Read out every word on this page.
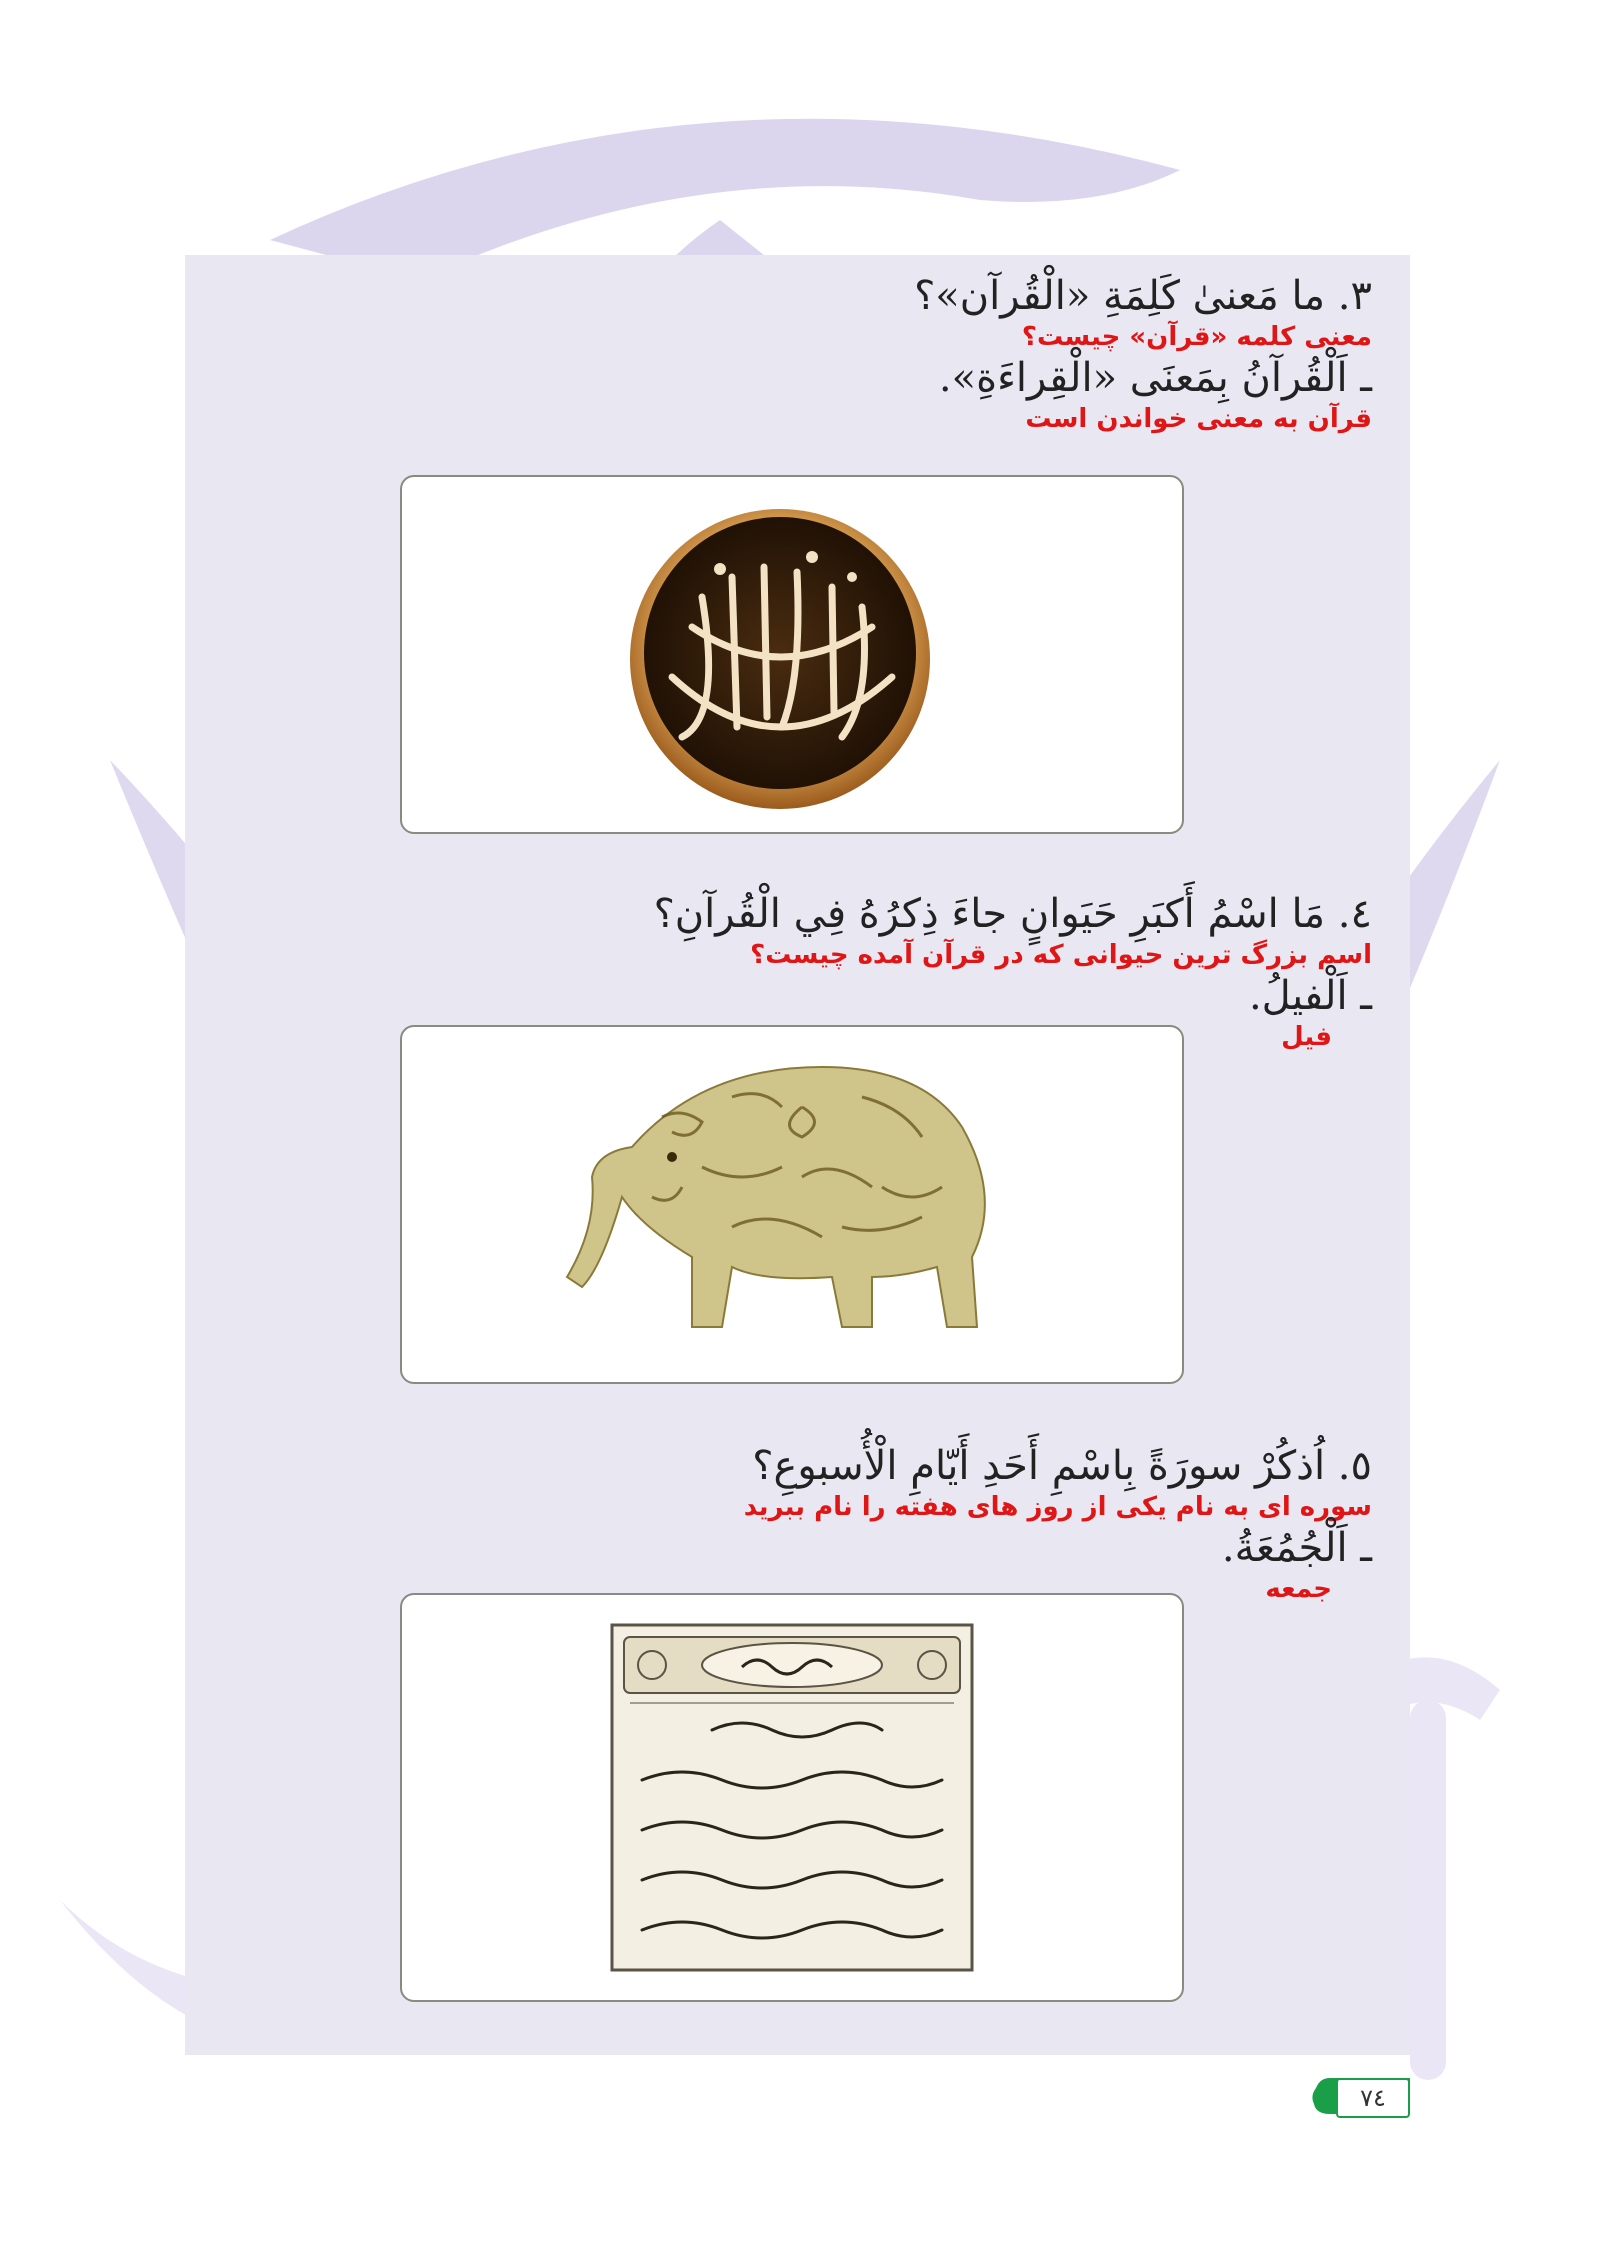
٣. ما مَعنیٰ كَلِمَةِ «الْقُرآن»؟
معنی کلمه «قرآن» چیست؟
ـ اَلْقُرآنُ بِمَعنَى «الْقِراءَةِ».
قرآن به معنی خواندن است
٤. مَا اسْمُ أَكبَرِ حَيَوانٍ جاءَ ذِكرُهُ فِي الْقُرآنِ؟
اسم بزرگ ترین حیوانی که در قرآن آمده چیست؟
ـ اَلْفيلُ.
فیل
٥. اُذكُرْ سورَةً بِاسْمِ أَحَدِ أَيّامِ الْأُسبوعِ؟
سوره ای به نام یکی از روز های هفته را نام ببرید
ـ اَلْجُمُعَةُ.
جمعه
٧٤
